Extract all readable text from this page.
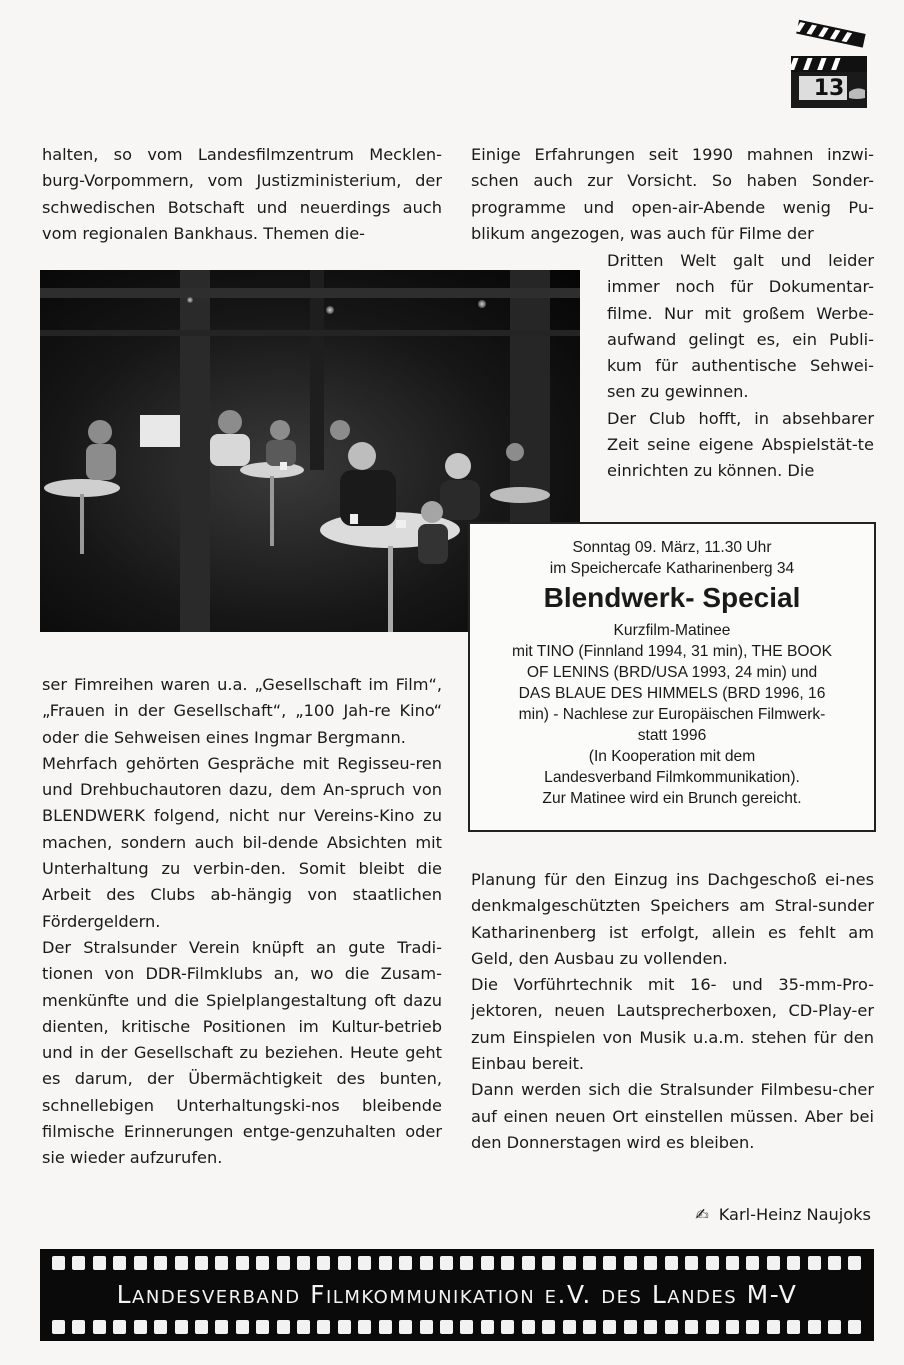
13

halten, so vom Landesfilmzentrum Mecklen-burg-Vorpommern, vom Justizministerium, der schwedischen Botschaft und neuerdings auch vom regionalen Bankhaus. Themen die-

Einige Erfahrungen seit 1990 mahnen inzwi-schen auch zur Vorsicht. So haben Sonder-programme und open-air-Abende wenig Pu-blikum angezogen, was auch für Filme der

Dritten Welt galt und leider immer noch für Dokumentar-filme. Nur mit großem Werbe-aufwand gelingt es, ein Publi-kum für authentische Sehwei-sen zu gewinnen.

Der Club hofft, in absehbarer Zeit seine eigene Abspielstät-te einrichten zu können. Die

Sonntag 09. März, 11.30 Uhr
im Speichercafe Katharinenberg 34
Blendwerk- Special
Kurzfilm-Matinee
mit TINO (Finnland 1994, 31 min), THE BOOK
OF LENINS (BRD/USA 1993, 24 min) und
DAS BLAUE DES HIMMELS (BRD 1996, 16
min) - Nachlese zur Europäischen Filmwerk-
statt 1996
(In Kooperation mit dem
Landesverband Filmkommunikation).
Zur Matinee wird ein Brunch gereicht.

ser Fimreihen waren u.a. „Gesellschaft im Film“, „Frauen in der Gesellschaft“, „100 Jah-re Kino“ oder die Sehweisen eines Ingmar Bergmann.

Mehrfach gehörten Gespräche mit Regisseu-ren und Drehbuchautoren dazu, dem An-spruch von BLENDWERK folgend, nicht nur Vereins-Kino zu machen, sondern auch bil-dende Absichten mit Unterhaltung zu verbin-den. Somit bleibt die Arbeit des Clubs ab-hängig von staatlichen Fördergeldern.

Der Stralsunder Verein knüpft an gute Tradi-tionen von DDR-Filmklubs an, wo die Zusam-menkünfte und die Spielplangestaltung oft dazu dienten, kritische Positionen im Kultur-betrieb und in der Gesellschaft zu beziehen. Heute geht es darum, der Übermächtigkeit des bunten, schnellebigen Unterhaltungski-nos bleibende filmische Erinnerungen entge-genzuhalten oder sie wieder aufzurufen.

Planung für den Einzug ins Dachgeschoß ei-nes denkmalgeschützten Speichers am Stral-sunder Katharinenberg ist erfolgt, allein es fehlt am Geld, den Ausbau zu vollenden.

Die Vorführtechnik mit 16- und 35-mm-Pro-jektoren, neuen Lautsprecherboxen, CD-Play-er zum Einspielen von Musik u.a.m. stehen für den Einbau bereit.

Dann werden sich die Stralsunder Filmbesu-cher auf einen neuen Ort einstellen müssen. Aber bei den Donnerstagen wird es bleiben.

✍ Karl-Heinz Naujoks
Landesverband Filmkommunikation e.V. des Landes M-V
